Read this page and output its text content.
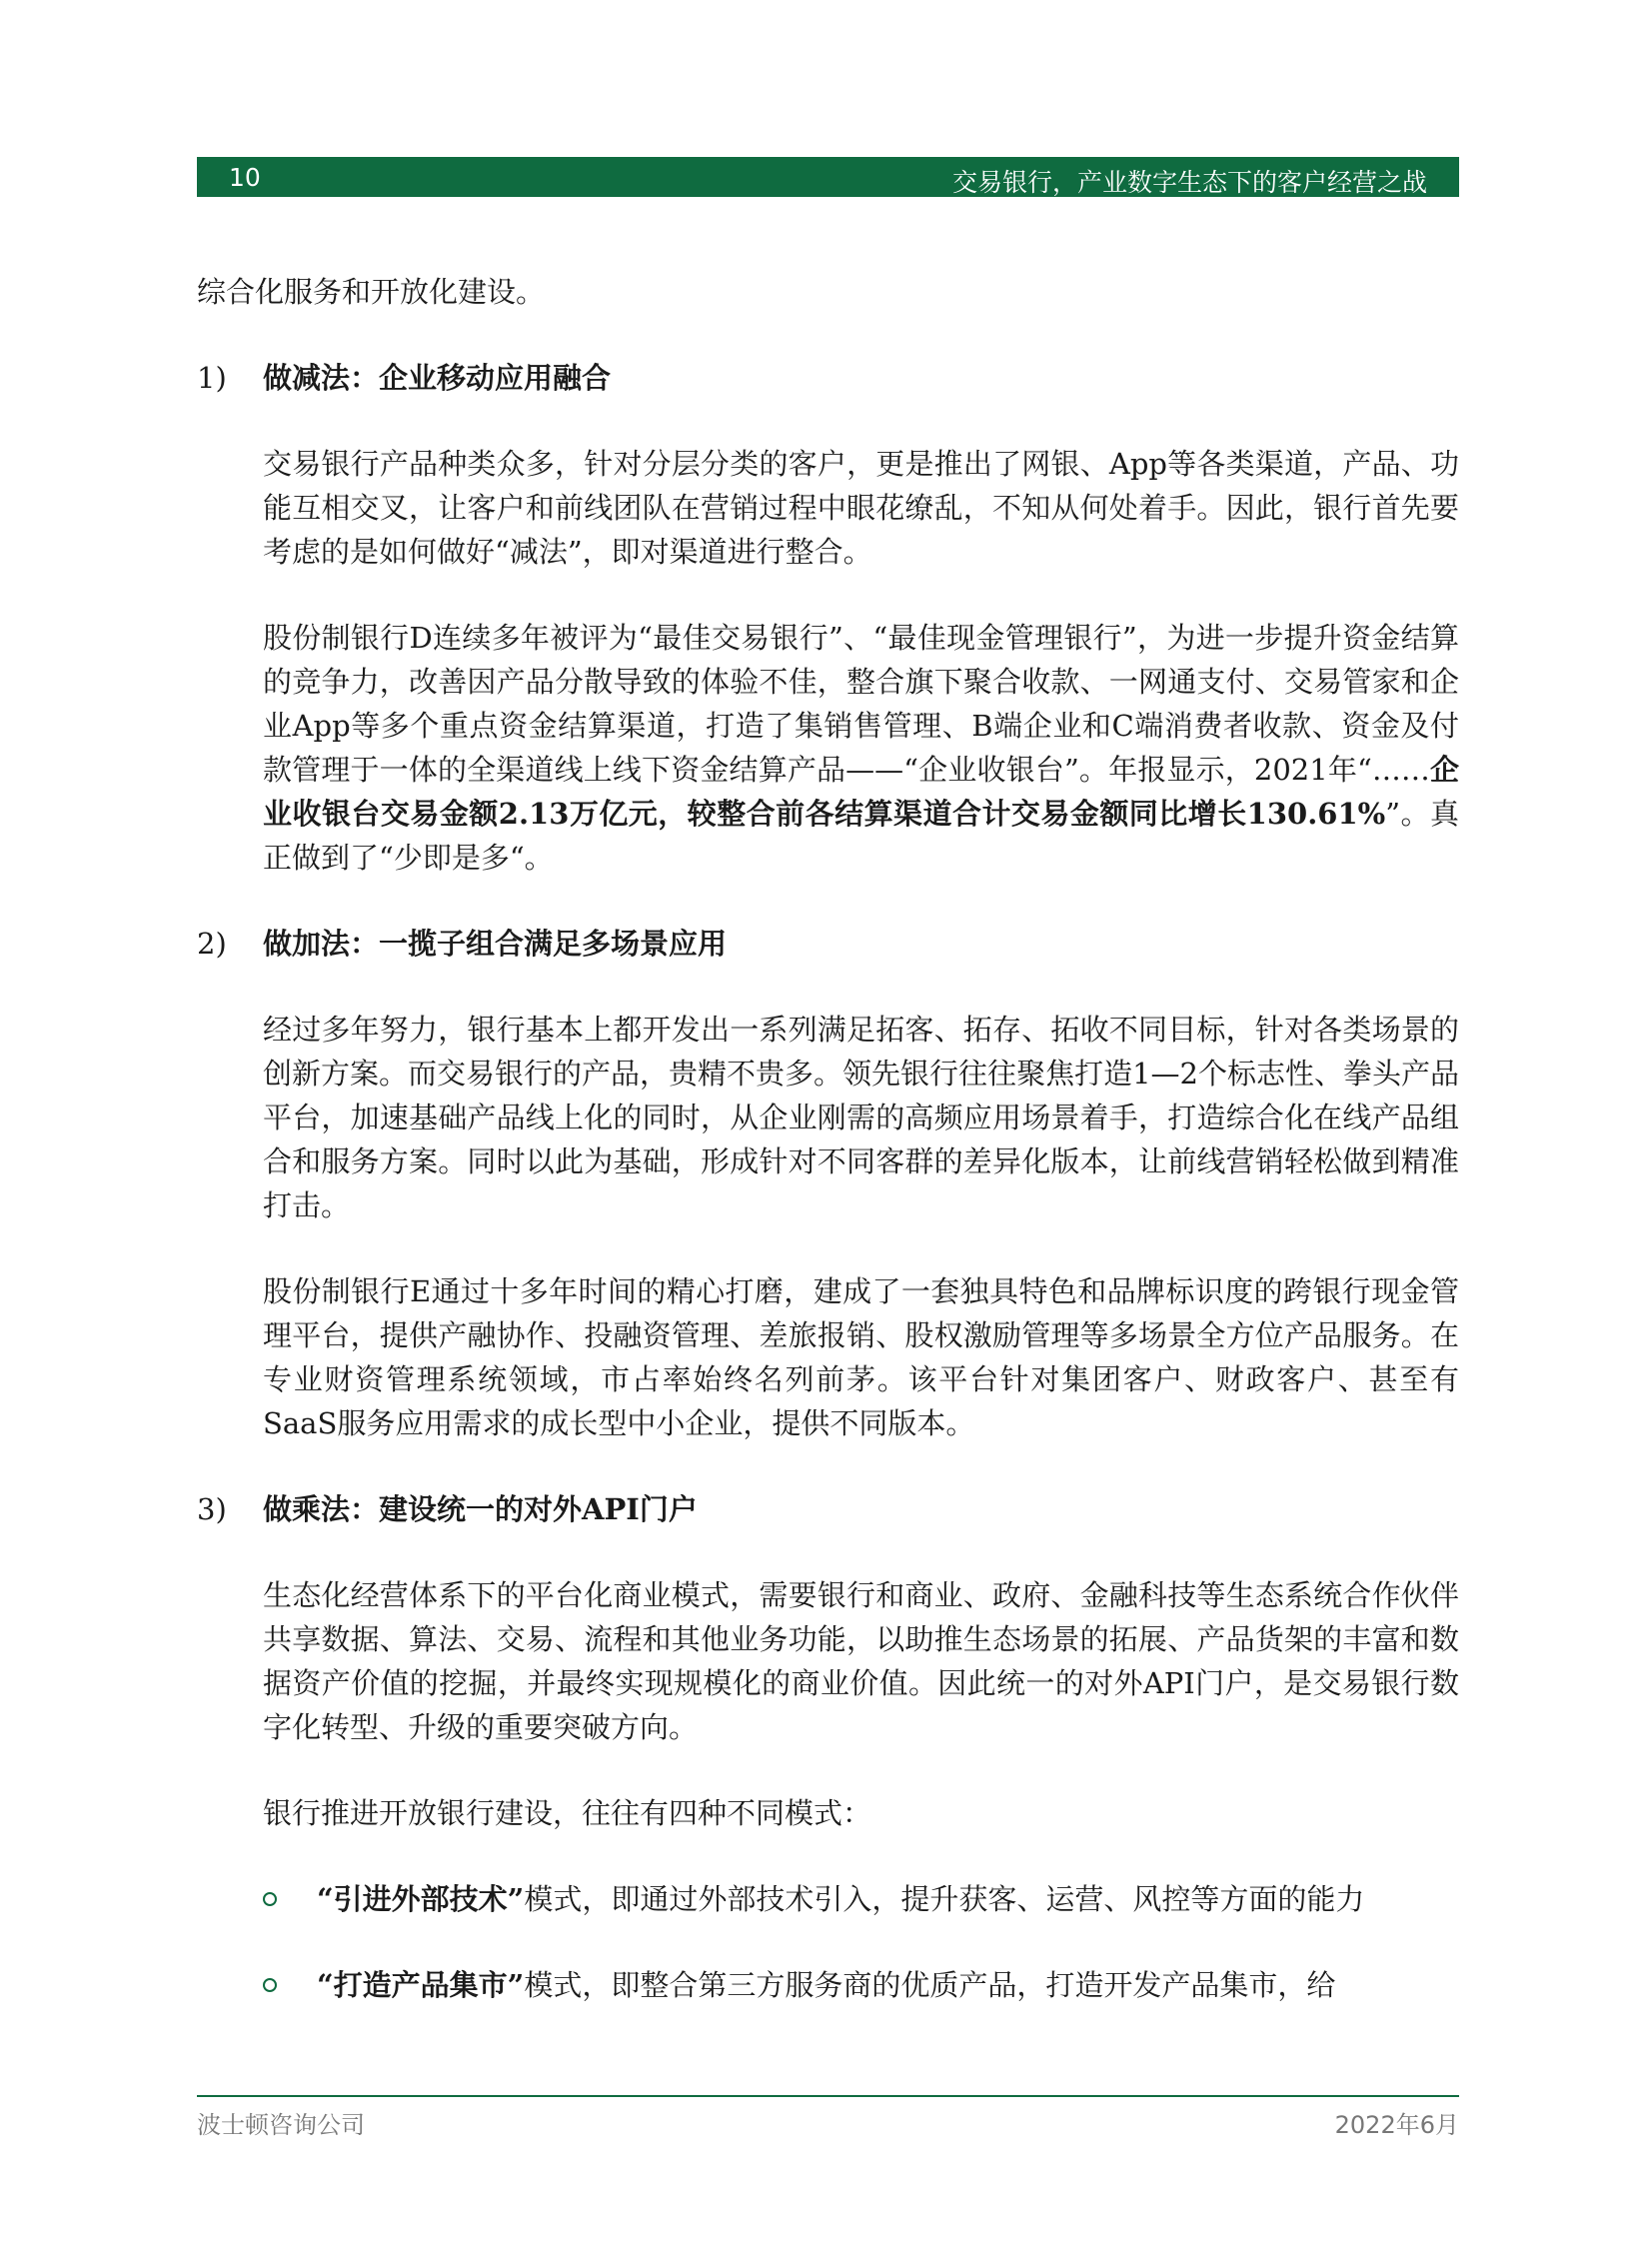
10	交易银行，产业数字生态下的客户经营之战

综合化服务和开放化建设。

1)	做减法：企业移动应用融合

交易银行产品种类众多，针对分层分类的客户，更是推出了网银、App等各类渠道，产品、功能互相交叉，让客户和前线团队在营销过程中眼花缭乱，不知从何处着手。因此，银行首先要考虑的是如何做好“减法”，即对渠道进行整合。

股份制银行D连续多年被评为“最佳交易银行”、“最佳现金管理银行”，为进一步提升资金结算的竞争力，改善因产品分散导致的体验不佳，整合旗下聚合收款、一网通支付、交易管家和企业App等多个重点资金结算渠道，打造了集销售管理、B端企业和C端消费者收款、资金及付款管理于一体的全渠道线上线下资金结算产品——“企业收银台”。年报显示，2021年“……企业收银台交易金额2.13万亿元，较整合前各结算渠道合计交易金额同比增长130.61%”。真正做到了“少即是多“。

2)	做加法：一揽子组合满足多场景应用

经过多年努力，银行基本上都开发出一系列满足拓客、拓存、拓收不同目标，针对各类场景的创新方案。而交易银行的产品，贵精不贵多。领先银行往往聚焦打造1—2个标志性、拳头产品平台，加速基础产品线上化的同时，从企业刚需的高频应用场景着手，打造综合化在线产品组合和服务方案。同时以此为基础，形成针对不同客群的差异化版本，让前线营销轻松做到精准打击。

股份制银行E通过十多年时间的精心打磨，建成了一套独具特色和品牌标识度的跨银行现金管理平台，提供产融协作、投融资管理、差旅报销、股权激励管理等多场景全方位产品服务。在专业财资管理系统领域，市占率始终名列前茅。该平台针对集团客户、财政客户、甚至有SaaS服务应用需求的成长型中小企业，提供不同版本。

3)	做乘法：建设统一的对外API门户

生态化经营体系下的平台化商业模式，需要银行和商业、政府、金融科技等生态系统合作伙伴共享数据、算法、交易、流程和其他业务功能，以助推生态场景的拓展、产品货架的丰富和数据资产价值的挖掘，并最终实现规模化的商业价值。因此统一的对外API门户，是交易银行数字化转型、升级的重要突破方向。

银行推进开放银行建设，往往有四种不同模式：

“引进外部技术”模式，即通过外部技术引入，提升获客、运营、风控等方面的能力
“打造产品集市”模式，即整合第三方服务商的优质产品，打造开发产品集市，给
波士顿咨询公司	2022年6月
